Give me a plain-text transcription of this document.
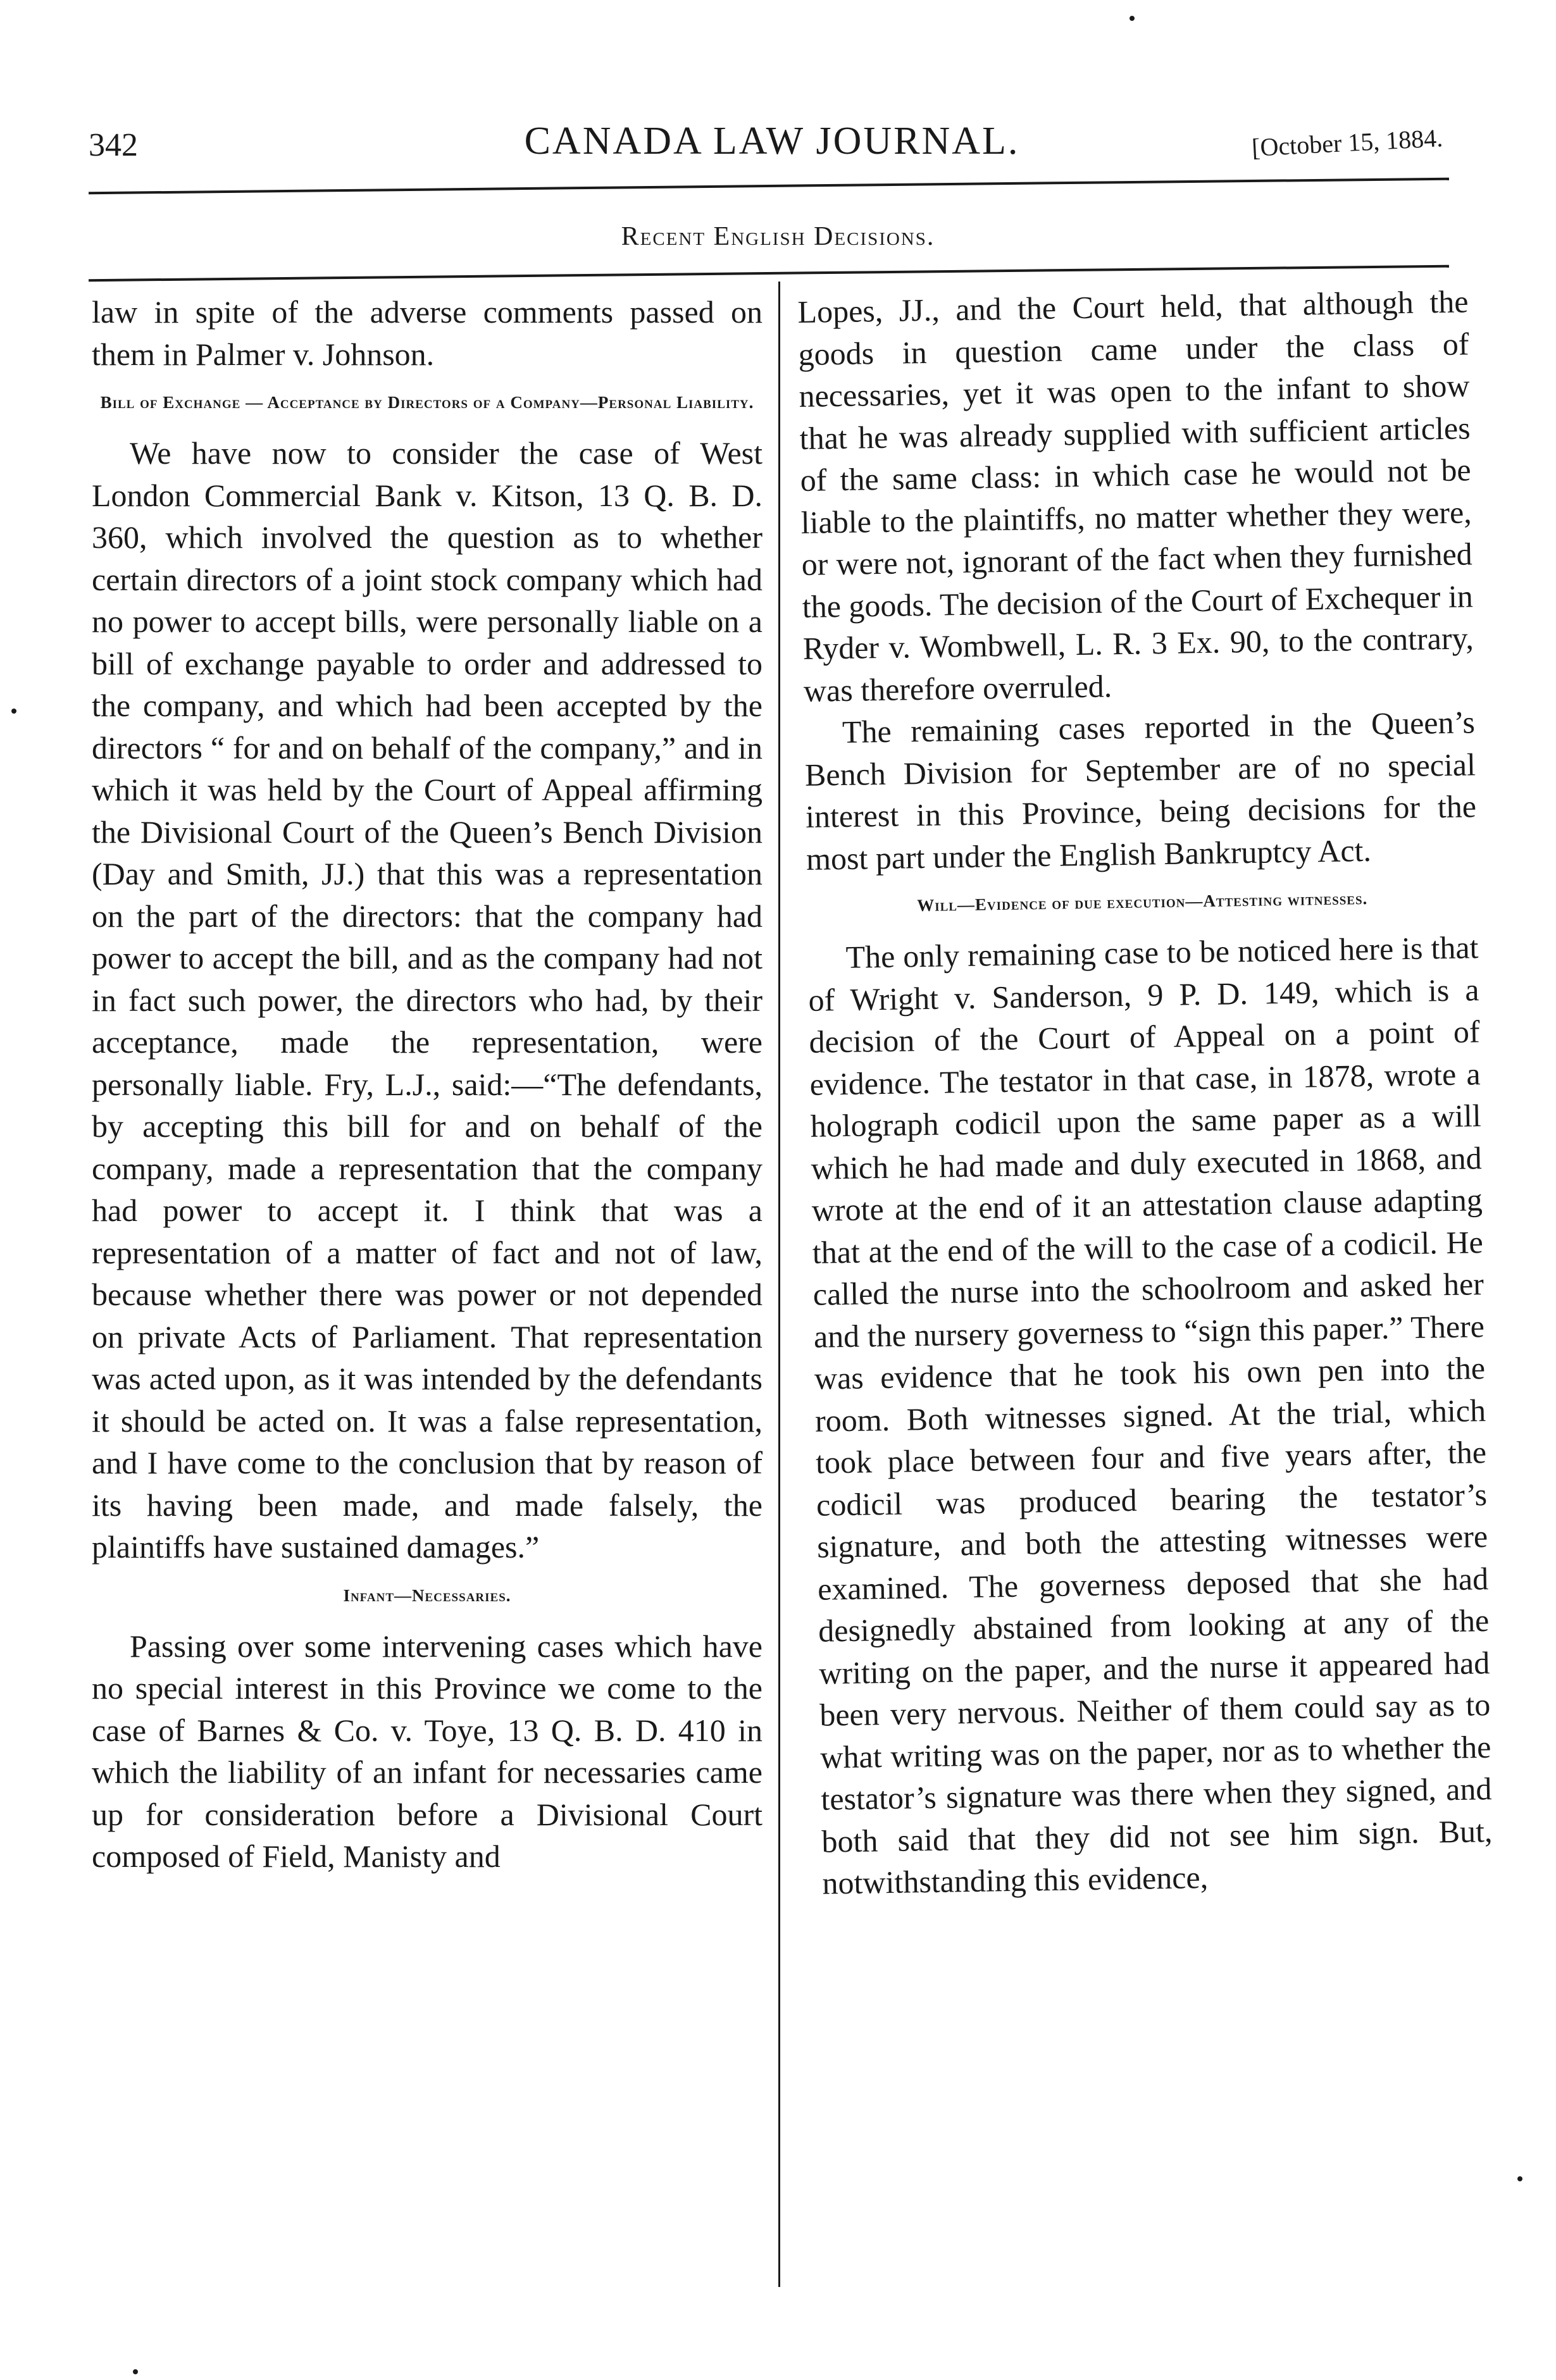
342	CANADA LAW JOURNAL.	[October 15, 1884.
Recent English Decisions.

law in spite of the adverse comments passed on them in Palmer v. Johnson.

Bill of Exchange — Acceptance by Directors of a Company—Personal Liability.

We have now to consider the case of West London Commercial Bank v. Kitson, 13 Q. B. D. 360, which involved the question as to whether certain directors of a joint stock company which had no power to accept bills, were personally liable on a bill of exchange payable to order and addressed to the company, and which had been accepted by the directors “ for and on behalf of the company,” and in which it was held by the Court of Appeal affirming the Divisional Court of the Queen’s Bench Division (Day and Smith, JJ.) that this was a representation on the part of the directors: that the company had power to accept the bill, and as the company had not in fact such power, the directors who had, by their acceptance, made the representation, were personally liable. Fry, L.J., said:—“The defendants, by accepting this bill for and on behalf of the company, made a representation that the company had power to accept it. I think that was a representation of a matter of fact and not of law, because whether there was power or not depended on private Acts of Parliament. That representation was acted upon, as it was intended by the defendants it should be acted on. It was a false representation, and I have come to the conclusion that by reason of its having been made, and made falsely, the plaintiffs have sustained damages.”

Infant—Necessaries.

Passing over some intervening cases which have no special interest in this Province we come to the case of Barnes & Co. v. Toye, 13 Q. B. D. 410 in which the liability of an infant for necessaries came up for consideration before a Divisional Court composed of Field, Manisty and

Lopes, JJ., and the Court held, that although the goods in question came under the class of necessaries, yet it was open to the infant to show that he was already supplied with sufficient articles of the same class: in which case he would not be liable to the plaintiffs, no matter whether they were, or were not, ignorant of the fact when they furnished the goods. The decision of the Court of Exchequer in Ryder v. Wombwell, L. R. 3 Ex. 90, to the contrary, was therefore overruled.

The remaining cases reported in the Queen’s Bench Division for September are of no special interest in this Province, being decisions for the most part under the English Bankruptcy Act.

Will—Evidence of due execution—Attesting witnesses.

The only remaining case to be noticed here is that of Wright v. Sanderson, 9 P. D. 149, which is a decision of the Court of Appeal on a point of evidence. The testator in that case, in 1878, wrote a holograph codicil upon the same paper as a will which he had made and duly executed in 1868, and wrote at the end of it an attestation clause adapting that at the end of the will to the case of a codicil. He called the nurse into the schoolroom and asked her and the nursery governess to “sign this paper.” There was evidence that he took his own pen into the room. Both witnesses signed. At the trial, which took place between four and five years after, the codicil was produced bearing the testator’s signature, and both the attesting witnesses were examined. The governess deposed that she had designedly abstained from looking at any of the writing on the paper, and the nurse it appeared had been very nervous. Neither of them could say as to what writing was on the paper, nor as to whether the testator’s signature was there when they signed, and both said that they did not see him sign. But, notwithstanding this evidence,
